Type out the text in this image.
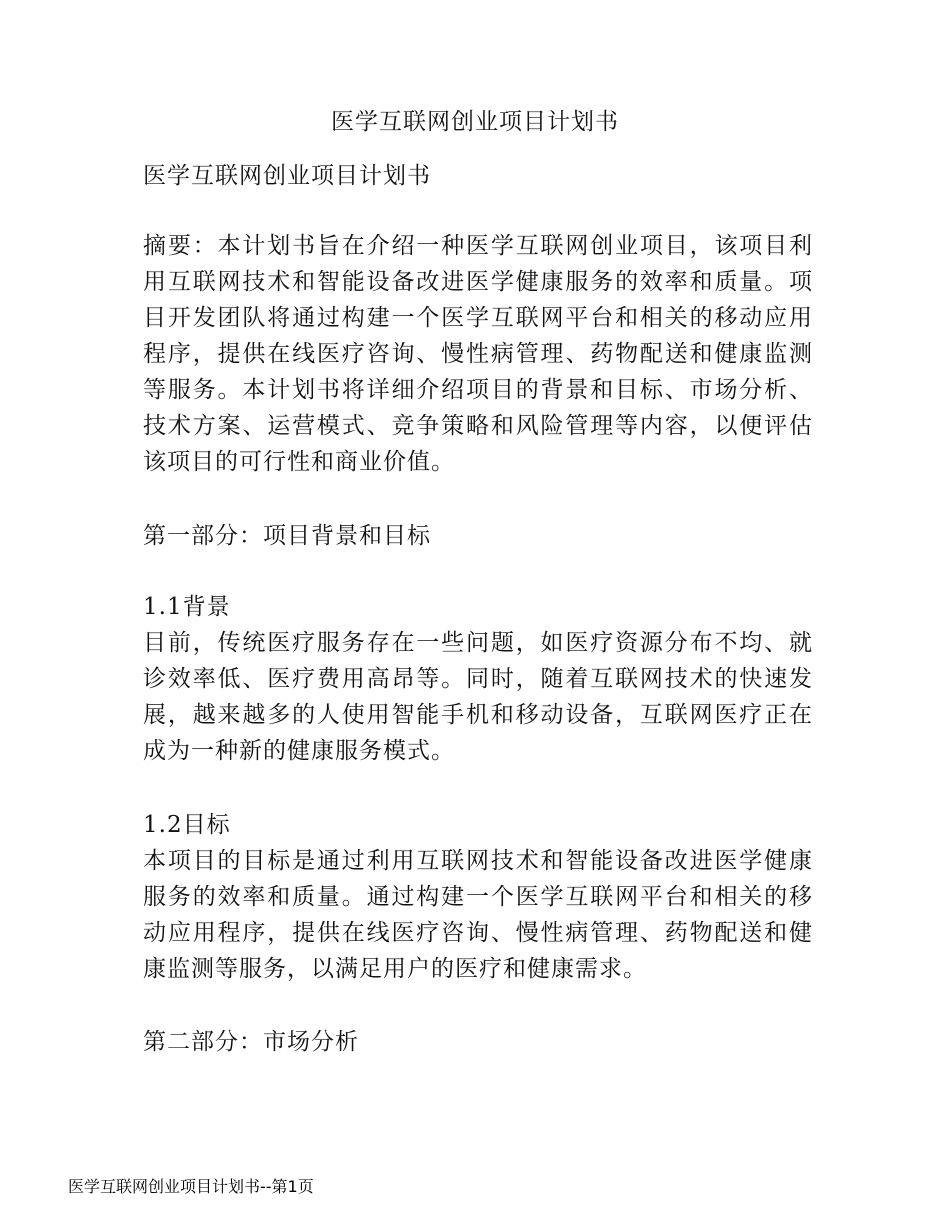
医学互联网创业项目计划书
医学互联网创业项目计划书
摘要：本计划书旨在介绍一种医学互联网创业项目，该项目利用互联网技术和智能设备改进医学健康服务的效率和质量。项目开发团队将通过构建一个医学互联网平台和相关的移动应用程序，提供在线医疗咨询、慢性病管理、药物配送和健康监测等服务。本计划书将详细介绍项目的背景和目标、市场分析、技术方案、运营模式、竞争策略和风险管理等内容，以便评估该项目的可行性和商业价值。
第一部分：项目背景和目标
1.1背景
目前，传统医疗服务存在一些问题，如医疗资源分布不均、就诊效率低、医疗费用高昂等。同时，随着互联网技术的快速发展，越来越多的人使用智能手机和移动设备，互联网医疗正在成为一种新的健康服务模式。
1.2目标
本项目的目标是通过利用互联网技术和智能设备改进医学健康服务的效率和质量。通过构建一个医学互联网平台和相关的移动应用程序，提供在线医疗咨询、慢性病管理、药物配送和健康监测等服务，以满足用户的医疗和健康需求。
第二部分：市场分析
医学互联网创业项目计划书--第1页
